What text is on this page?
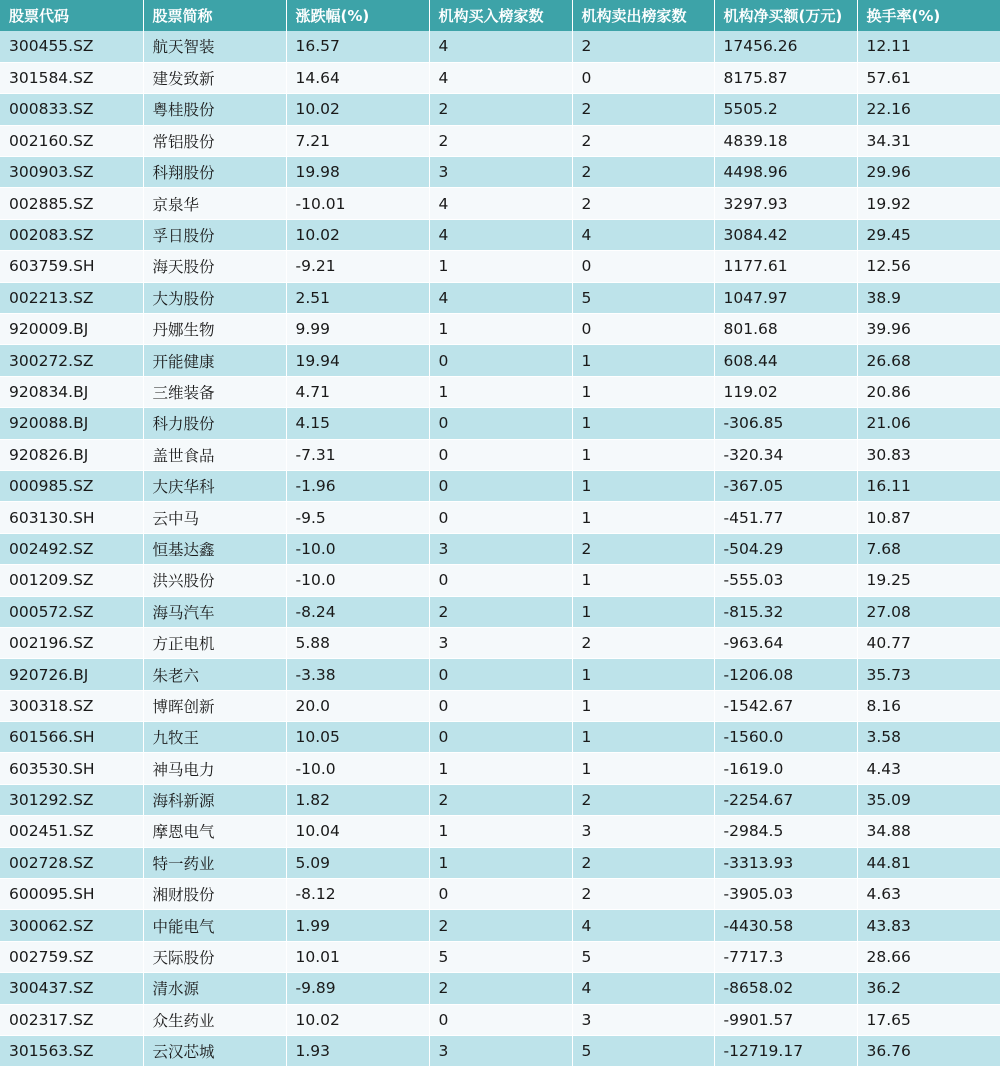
股票代码	股票简称	涨跌幅(%)	机构买入榜家数	机构卖出榜家数	机构净买额(万元)	换手率(%)
300455.SZ	航天智装	16.57	4	2	17456.26	12.11
301584.SZ	建发致新	14.64	4	0	8175.87	57.61
000833.SZ	粤桂股份	10.02	2	2	5505.2	22.16
002160.SZ	常铝股份	7.21	2	2	4839.18	34.31
300903.SZ	科翔股份	19.98	3	2	4498.96	29.96
002885.SZ	京泉华	-10.01	4	2	3297.93	19.92
002083.SZ	孚日股份	10.02	4	4	3084.42	29.45
603759.SH	海天股份	-9.21	1	0	1177.61	12.56
002213.SZ	大为股份	2.51	4	5	1047.97	38.9
920009.BJ	丹娜生物	9.99	1	0	801.68	39.96
300272.SZ	开能健康	19.94	0	1	608.44	26.68
920834.BJ	三维装备	4.71	1	1	119.02	20.86
920088.BJ	科力股份	4.15	0	1	-306.85	21.06
920826.BJ	盖世食品	-7.31	0	1	-320.34	30.83
000985.SZ	大庆华科	-1.96	0	1	-367.05	16.11
603130.SH	云中马	-9.5	0	1	-451.77	10.87
002492.SZ	恒基达鑫	-10.0	3	2	-504.29	7.68
001209.SZ	洪兴股份	-10.0	0	1	-555.03	19.25
000572.SZ	海马汽车	-8.24	2	1	-815.32	27.08
002196.SZ	方正电机	5.88	3	2	-963.64	40.77
920726.BJ	朱老六	-3.38	0	1	-1206.08	35.73
300318.SZ	博晖创新	20.0	0	1	-1542.67	8.16
601566.SH	九牧王	10.05	0	1	-1560.0	3.58
603530.SH	神马电力	-10.0	1	1	-1619.0	4.43
301292.SZ	海科新源	1.82	2	2	-2254.67	35.09
002451.SZ	摩恩电气	10.04	1	3	-2984.5	34.88
002728.SZ	特一药业	5.09	1	2	-3313.93	44.81
600095.SH	湘财股份	-8.12	0	2	-3905.03	4.63
300062.SZ	中能电气	1.99	2	4	-4430.58	43.83
002759.SZ	天际股份	10.01	5	5	-7717.3	28.66
300437.SZ	清水源	-9.89	2	4	-8658.02	36.2
002317.SZ	众生药业	10.02	0	3	-9901.57	17.65
301563.SZ	云汉芯城	1.93	3	5	-12719.17	36.76
